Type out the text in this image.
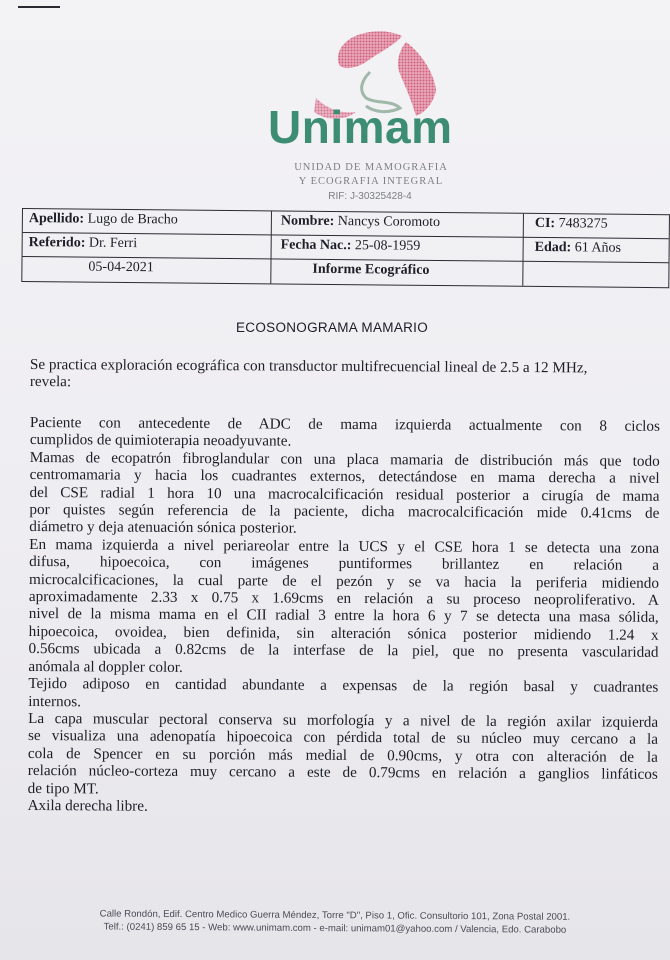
Unimam
UNIDAD DE MAMOGRAFIA
Y ECOGRAFIA INTEGRAL
RIF: J-30325428-4
Apellido: Lugo de Bracho	Nombre: Nancys Coromoto	CI: 7483275
Referido: Dr. Ferri	Fecha Nac.: 25-08-1959	Edad: 61 Años
05-04-2021	Informe Ecográfico
ECOSONOGRAMA MAMARIO
Se practica exploración ecográfica con transductor multifrecuencial lineal de 2.5 a 12 MHz,
revela:
Paciente con antecedente de ADC de mama izquierda actualmente con 8 ciclos
cumplidos de quimioterapia neoadyuvante.
Mamas de ecopatrón fibroglandular con una placa mamaria de distribución más que todo
centromamaria y hacia los cuadrantes externos, detectándose en mama derecha a nivel
del CSE radial 1 hora 10 una macrocalcificación residual posterior a cirugía de mama
por quistes según referencia de la paciente, dicha macrocalcificación mide 0.41cms de
diámetro y deja atenuación sónica posterior.
En mama izquierda a nivel periareolar entre la UCS y el CSE hora 1 se detecta una zona
difusa, hipoecoica, con imágenes puntiformes brillantez en relación a
microcalcificaciones, la cual parte de el pezón y se va hacia la periferia midiendo
aproximadamente 2.33 x 0.75 x 1.69cms en relación a su proceso neoproliferativo. A
nivel de la misma mama en el CII radial 3 entre la hora 6 y 7 se detecta una masa sólida,
hipoecoica, ovoidea, bien definida, sin alteración sónica posterior midiendo 1.24 x
0.56cms ubicada a 0.82cms de la interfase de la piel, que no presenta vascularidad
anómala al doppler color.
Tejido adiposo en cantidad abundante a expensas de la región basal y cuadrantes
internos.
La capa muscular pectoral conserva su morfología y a nivel de la región axilar izquierda
se visualiza una adenopatía hipoecoica con pérdida total de su núcleo muy cercano a la
cola de Spencer en su porción más medial de 0.90cms, y otra con alteración de la
relación núcleo-corteza muy cercano a este de 0.79cms en relación a ganglios linfáticos
de tipo MT.
Axila derecha libre.
Calle Rondón, Edif. Centro Medico Guerra Méndez, Torre "D", Piso 1, Ofic. Consultorio 101, Zona Postal 2001.
Telf.: (0241) 859 65 15 - Web: www.unimam.com - e-mail: unimam01@yahoo.com / Valencia, Edo. Carabobo
